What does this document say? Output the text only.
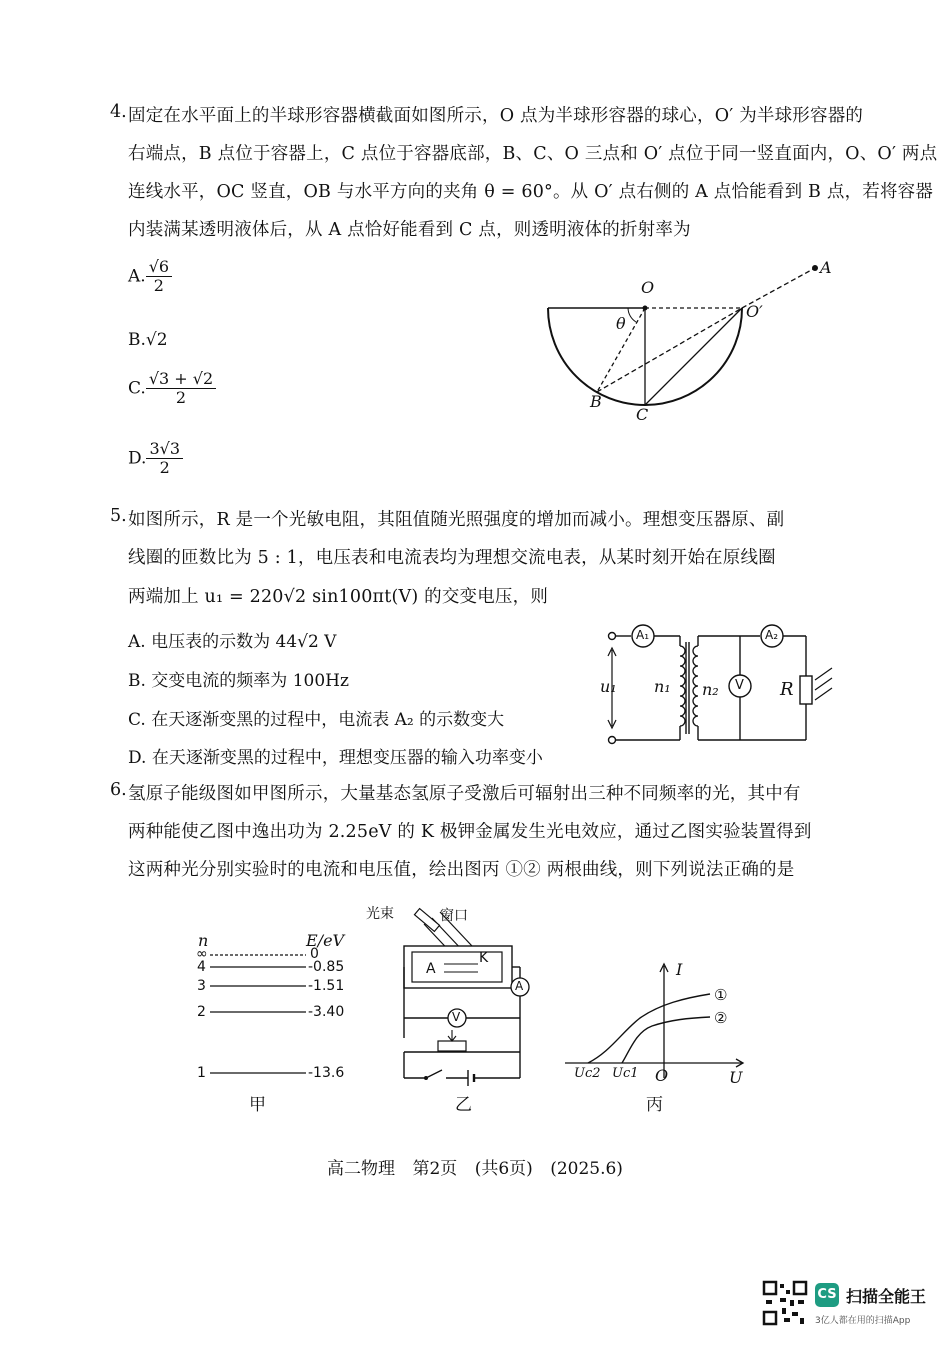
4. 固定在水平面上的半球形容器横截面如图所示，O 点为半球形容器的球心，O′ 为半球形容器的
右端点，B 点位于容器上，C 点位于容器底部，B、C、O 三点和 O′ 点位于同一竖直面内，O、O′ 两点
连线水平，OC 竖直，OB 与水平方向的夹角 θ = 60°。从 O′ 点右侧的 A 点恰能看到 B 点，若将容器
内装满某透明液体后，从 A 点恰好能看到 C 点，则透明液体的折射率为
A. $\frac{√6}{2}$
B.√2
C. $\frac{√3 + √2}{2}$
D. $\frac{3√3}{2}$
O
O′
A
B
C
θ
5. 如图所示，R 是一个光敏电阻，其阻值随光照强度的增加而减小。理想变压器原、副
线圈的匝数比为 5 : 1，电压表和电流表均为理想交流电表，从某时刻开始在原线圈
两端加上 u₁ = 220√2 sin100πt(V) 的交变电压，则
A. 电压表的示数为 44√2 V
B. 交变电流的频率为 100Hz
C. 在天逐渐变黑的过程中，电流表 A₂ 的示数变大
D. 在天逐渐变黑的过程中，理想变压器的输入功率变小
A₁	A₂
V
u₁ n₁ n₂	R
6. 氢原子能级图如甲图所示，大量基态氢原子受激后可辐射出三种不同频率的光，其中有
两种能使乙图中逸出功为 2.25eV 的 K 极钾金属发生光电效应，通过乙图实验装置得到
这两种光分别实验时的电流和电压值，绘出图丙 ①② 两根曲线，则下列说法正确的是
n	E/eV
∞	0
4	-0.85
3	-1.51
2	-3.40
1	-13.6
甲
光束	窗口
A
K
A
V
乙
I
U
O
Uc2 Uc1
①
②
丙
高二物理 第2页 (共6页) (2025.6)
CS 扫描全能王
3亿人都在用的扫描App
